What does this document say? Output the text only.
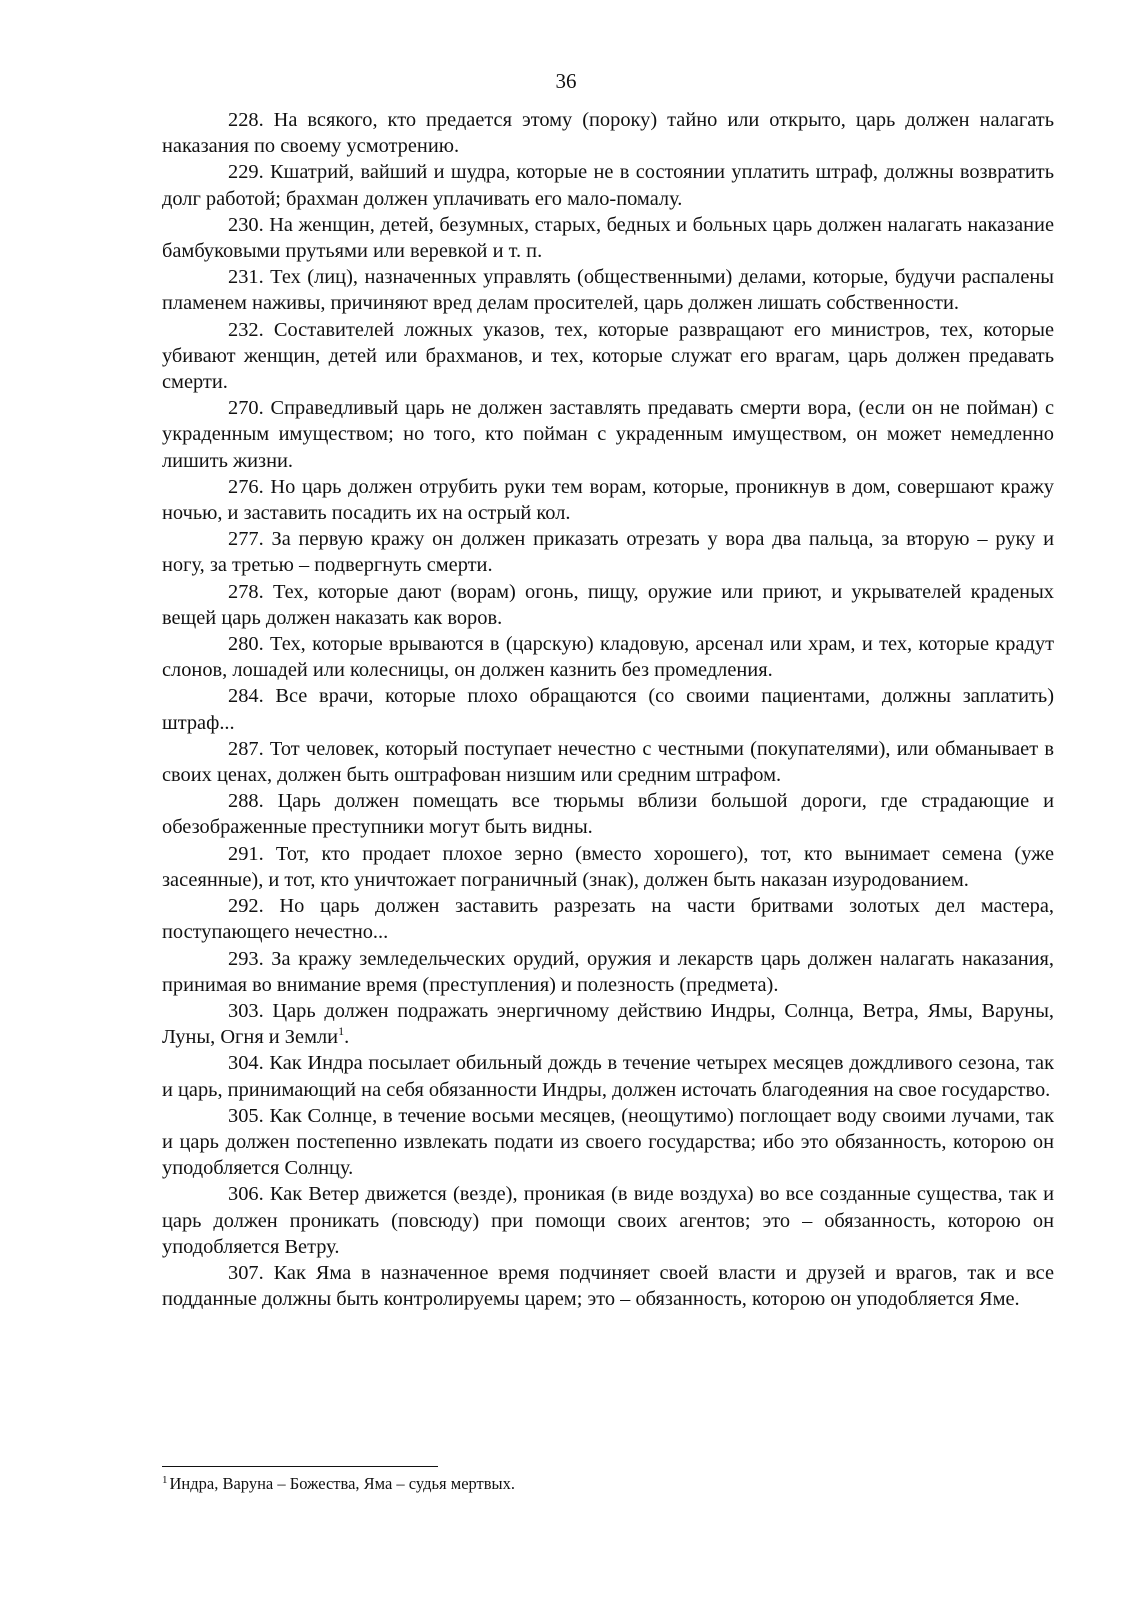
36

228. На всякого, кто предается этому (пороку) тайно или открыто, царь должен налагать наказания по своему усмотрению.

229. Кшатрий, вайший и шудра, которые не в состоянии уплатить штраф, должны возвратить долг работой; брахман должен уплачивать его мало-помалу.

230. На женщин, детей, безумных, старых, бедных и больных царь должен налагать наказание бамбуковыми прутьями или веревкой и т. п.

231. Тех (лиц), назначенных управлять (общественными) делами, которые, будучи распалены пламенем наживы, причиняют вред делам просителей, царь должен лишать собственности.

232. Составителей ложных указов, тех, которые развращают его министров, тех, которые убивают женщин, детей или брахманов, и тех, которые служат его врагам, царь должен предавать смерти.

270. Справедливый царь не должен заставлять предавать смерти вора, (если он не пойман) с украденным имуществом; но того, кто пойман с украденным имуществом, он может немедленно лишить жизни.

276. Но царь должен отрубить руки тем ворам, которые, проникнув в дом, совершают кражу ночью, и заставить посадить их на острый кол.

277. За первую кражу он должен приказать отрезать у вора два пальца, за вторую – руку и ногу, за третью – подвергнуть смерти.

278. Тех, которые дают (ворам) огонь, пищу, оружие или приют, и укрывателей краденых вещей царь должен наказать как воров.

280. Тех, которые врываются в (царскую) кладовую, арсенал или храм, и тех, которые крадут слонов, лошадей или колесницы, он должен казнить без промедления.

284. Все врачи, которые плохо обращаются (со своими пациентами, должны заплатить) штраф...

287. Тот человек, который поступает нечестно с честными (покупателями), или обманывает в своих ценах, должен быть оштрафован низшим или средним штрафом.

288. Царь должен помещать все тюрьмы вблизи большой дороги, где страдающие и обезображенные преступники могут быть видны.

291. Тот, кто продает плохое зерно (вместо хорошего), тот, кто вынимает семена (уже засеянные), и тот, кто уничтожает пограничный (знак), должен быть наказан изуродованием.

292. Но царь должен заставить разрезать на части бритвами золотых дел мастера, поступающего нечестно...

293. За кражу земледельческих орудий, оружия и лекарств царь должен налагать наказания, принимая во внимание время (преступления) и полезность (предмета).

303. Царь должен подражать энергичному действию Индры, Солнца, Ветра, Ямы, Варуны, Луны, Огня и Земли$^1$.

304. Как Индра посылает обильный дождь в течение четырех месяцев дождливого сезона, так и царь, принимающий на себя обязанности Индры, должен источать благодеяния на свое государство.

305. Как Солнце, в течение восьми месяцев, (неощутимо) поглощает воду своими лучами, так и царь должен постепенно извлекать подати из своего государства; ибо это обязанность, которою он уподобляется Солнцу.

306. Как Ветер движется (везде), проникая (в виде воздуха) во все созданные существа, так и царь должен проникать (повсюду) при помощи своих агентов; это – обязанность, которою он уподобляется Ветру.

307. Как Яма в назначенное время подчиняет своей власти и друзей и врагов, так и все подданные должны быть контролируемы царем; это – обязанность, которою он уподобляется Яме.

$^1$ Индра, Варуна – Божества, Яма – судья мертвых.
